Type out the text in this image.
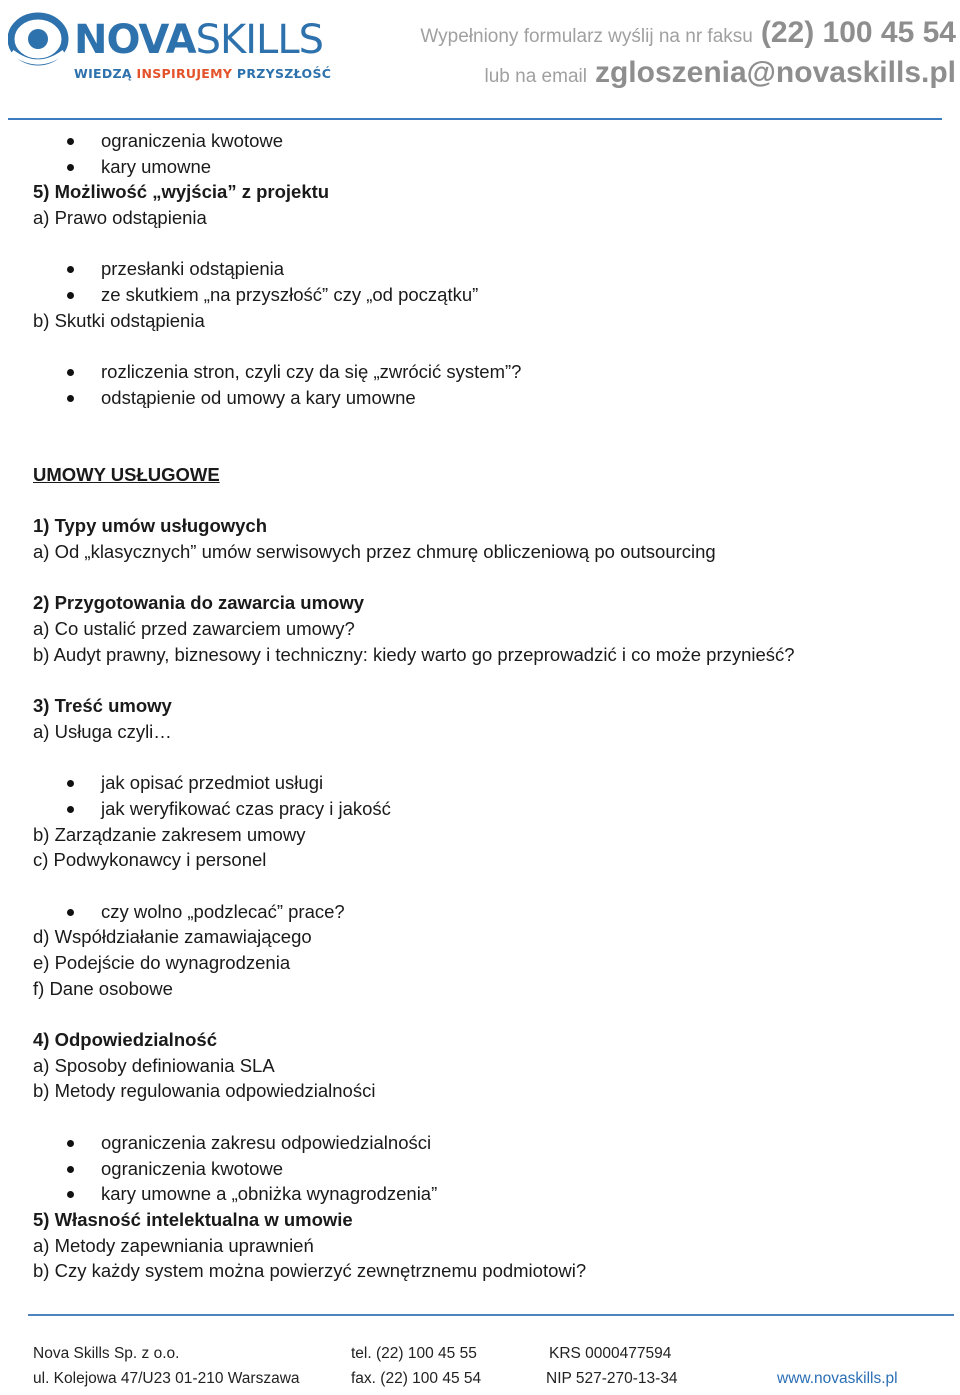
NOVASKILLS
WIEDZĄ INSPIRUJEMY PRZYSZŁOŚĆ
Wypełniony formularz wyślij na nr faksu (22) 100 45 54
lub na email zgloszenia@novaskills.pl
ograniczenia kwotowe
kary umowne
5) Możliwość „wyjścia” z projektu
a) Prawo odstąpienia
przesłanki odstąpienia
ze skutkiem „na przyszłość” czy „od początku”
b) Skutki odstąpienia
rozliczenia stron, czyli czy da się „zwrócić system”?
odstąpienie od umowy a kary umowne
UMOWY USŁUGOWE
1) Typy umów usługowych
a) Od „klasycznych” umów serwisowych przez chmurę obliczeniową po outsourcing
2) Przygotowania do zawarcia umowy
a) Co ustalić przed zawarciem umowy?
b) Audyt prawny, biznesowy i techniczny: kiedy warto go przeprowadzić i co może przynieść?
3) Treść umowy
a) Usługa czyli…
jak opisać przedmiot usługi
jak weryfikować czas pracy i jakość
b) Zarządzanie zakresem umowy
c) Podwykonawcy i personel
czy wolno „podzlecać” prace?
d) Współdziałanie zamawiającego
e) Podejście do wynagrodzenia
f) Dane osobowe
4) Odpowiedzialność
a) Sposoby definiowania SLA
b) Metody regulowania odpowiedzialności
ograniczenia zakresu odpowiedzialności
ograniczenia kwotowe
kary umowne a „obniżka wynagrodzenia”
5) Własność intelektualna w umowie
a) Metody zapewniania uprawnień
b) Czy każdy system można powierzyć zewnętrznemu podmiotowi?
Nova Skills Sp. z o.o.
ul. Kolejowa 47/U23 01-210 Warszawa
tel. (22) 100 45 55
fax. (22) 100 45 54
KRS 0000477594
NIP 527-270-13-34	www.novaskills.pl
